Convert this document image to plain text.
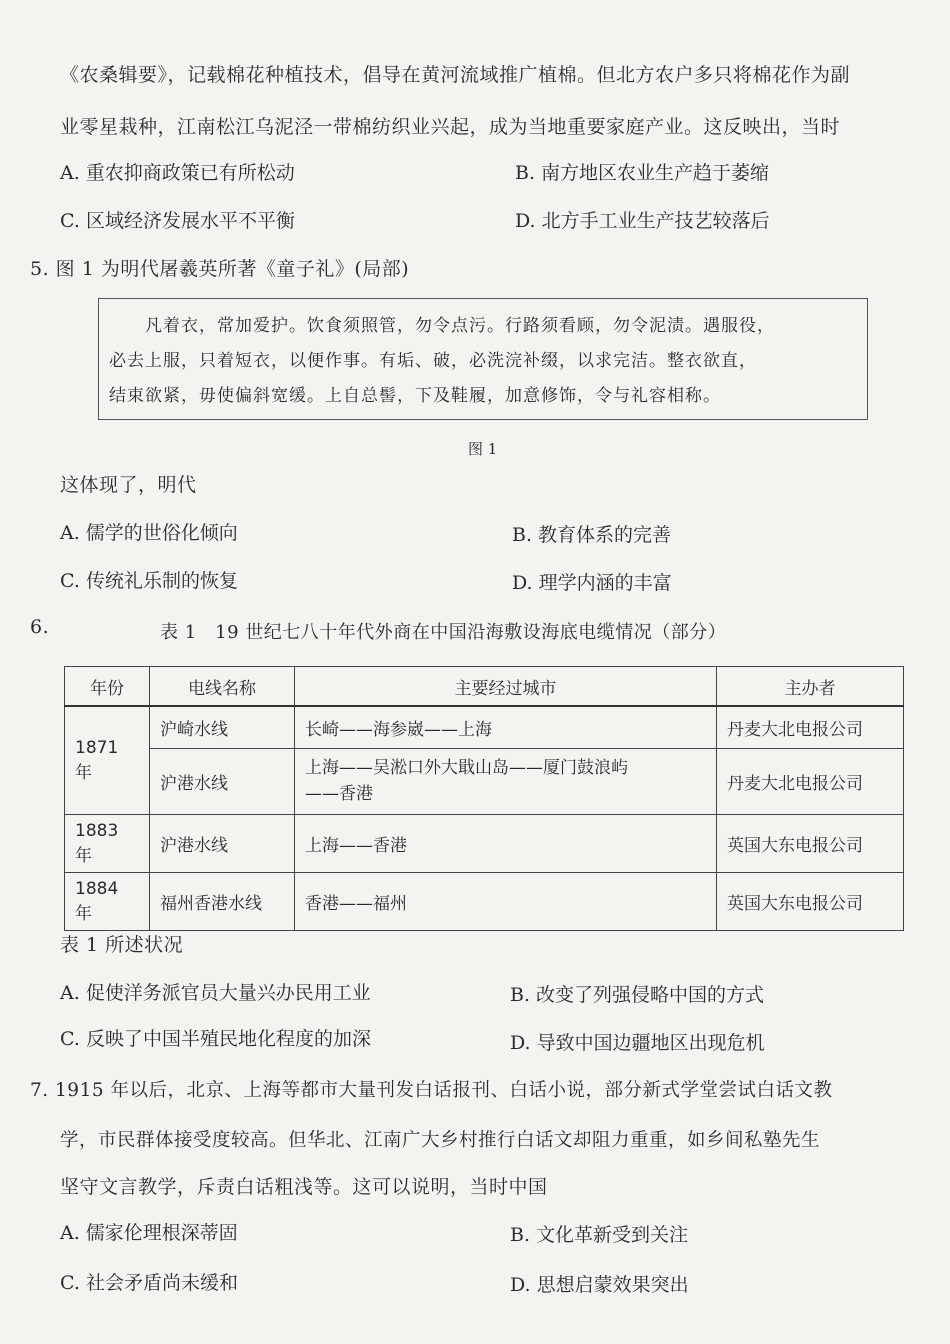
《农桑辑要》，记载棉花种植技术，倡导在黄河流域推广植棉。但北方农户多只将棉花作为副
业零星栽种，江南松江乌泥泾一带棉纺织业兴起，成为当地重要家庭产业。这反映出，当时
A. 重农抑商政策已有所松动	B. 南方地区农业生产趋于萎缩
C. 区域经济发展水平不平衡	D. 北方手工业生产技艺较落后
5. 图 1 为明代屠羲英所著《童子礼》(局部)

凡着衣，常加爱护。饮食须照管，勿令点污。行路须看顾，勿令泥渍。遇服役，

必去上服，只着短衣，以便作事。有垢、破，必洗浣补缀，以求完洁。整衣欲直，

结束欲紧，毋使偏斜宽缓。上自总髻，下及鞋履，加意修饰，令与礼容相称。

图 1
这体现了，明代
A. 儒学的世俗化倾向	B. 教育体系的完善
C. 传统礼乐制的恢复	D. 理学内涵的丰富
6.	表 1　19 世纪七八十年代外商在中国沿海敷设海底电缆情况（部分）
年份	电线名称	主要经过城市	主办者
1871 年	沪崎水线	长崎——海参崴——上海	丹麦大北电报公司
	沪港水线	上海——吴淞口外大戢山岛——厦门鼓浪屿
——香港	丹麦大北电报公司
1883 年	沪港水线	上海——香港	英国大东电报公司
1884 年	福州香港水线	香港——福州	英国大东电报公司
表 1 所述状况
A. 促使洋务派官员大量兴办民用工业	B. 改变了列强侵略中国的方式
C. 反映了中国半殖民地化程度的加深	D. 导致中国边疆地区出现危机
7. 1915 年以后，北京、上海等都市大量刊发白话报刊、白话小说，部分新式学堂尝试白话文教
学，市民群体接受度较高。但华北、江南广大乡村推行白话文却阻力重重，如乡间私塾先生
坚守文言教学，斥责白话粗浅等。这可以说明，当时中国
A. 儒家伦理根深蒂固	B. 文化革新受到关注
C. 社会矛盾尚未缓和	D. 思想启蒙效果突出
